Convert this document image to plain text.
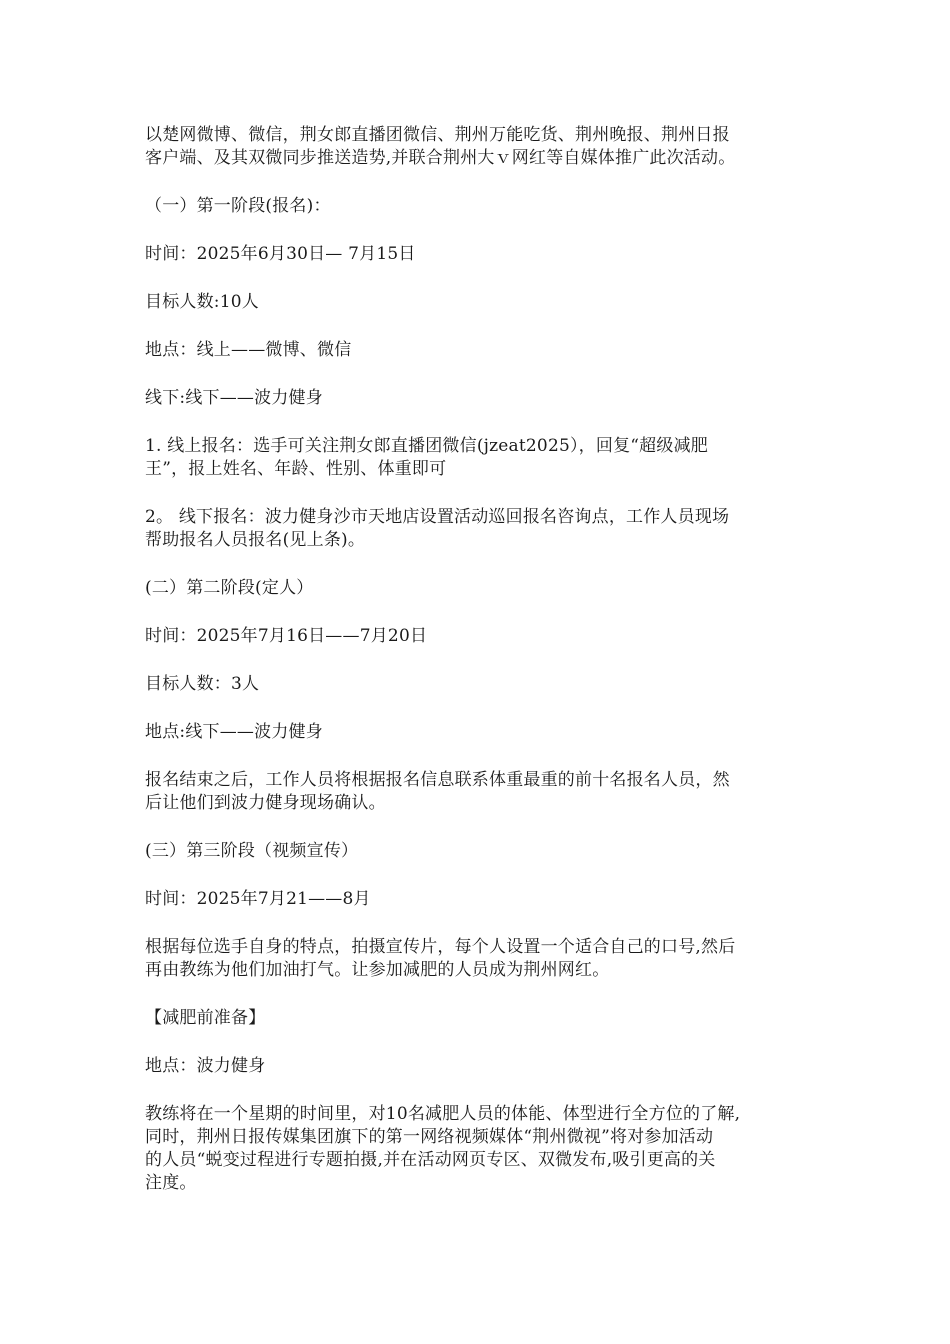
以楚网微博、微信，荆女郎直播团微信、荆州万能吃货、荆州晚报、荆州日报
客户端、及其双微同步推送造势,并联合荆州大ｖ网红等自媒体推广此次活动。

（一）第一阶段(报名)：

时间：2025年6月30日— 7月15日

目标人数:10人

地点：线上——微博、微信

线下:线下——波力健身

1. 线上报名：选手可关注荆女郎直播团微信(jzeat2025），回复“超级减肥
王”，报上姓名、年龄、性别、体重即可

2。 线下报名：波力健身沙市天地店设置活动巡回报名咨询点，工作人员现场
帮助报名人员报名(见上条)。

(二）第二阶段(定人）

时间：2025年7月16日——7月20日

目标人数：3人

地点:线下——波力健身

报名结束之后，工作人员将根据报名信息联系体重最重的前十名报名人员，然
后让他们到波力健身现场确认。

(三）第三阶段（视频宣传）

时间：2025年7月21——8月

根据每位选手自身的特点，拍摄宣传片，每个人设置一个适合自己的口号,然后
再由教练为他们加油打气。让参加减肥的人员成为荆州网红。

【减肥前准备】

地点：波力健身

教练将在一个星期的时间里，对10名减肥人员的体能、体型进行全方位的了解,
同时，荆州日报传媒集团旗下的第一网络视频媒体“荆州微视”将对参加活动
的人员“蜕变过程进行专题拍摄,并在活动网页专区、双微发布,吸引更高的关
注度。
